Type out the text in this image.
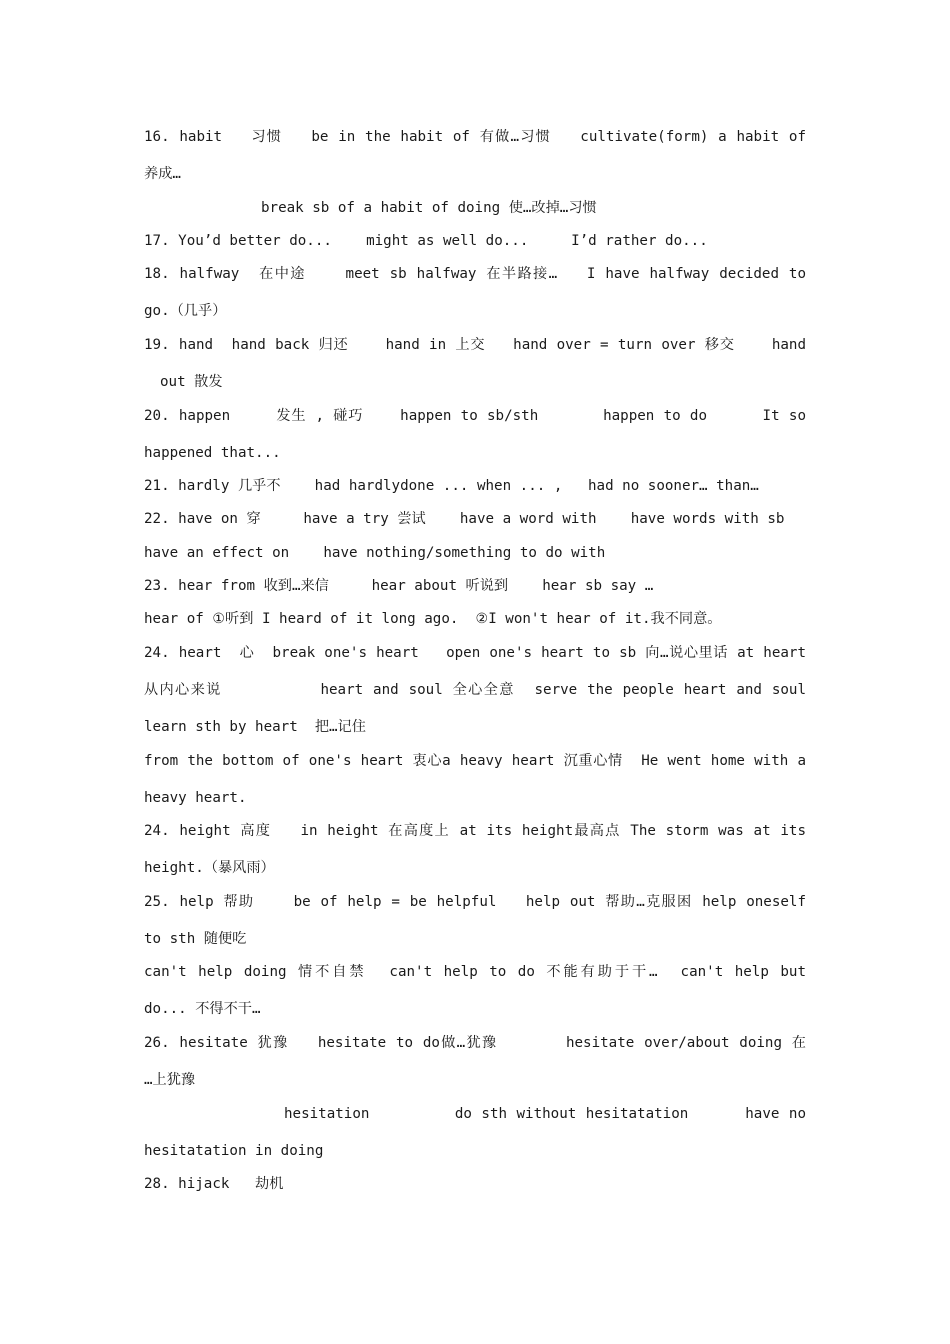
16. habit   习惯   be in the habit of 有做…习惯   cultivate(form) a habit of
养成…
break sb of a habit of doing 使…改掉…习惯
17. You’d better do...    might as well do...     I’d rather do...
18. halfway  在中途    meet sb halfway 在半路接…   I have halfway decided to
go.（几乎）
19. hand  hand back 归还    hand in 上交   hand over = turn over 移交    hand
out 散发
20. happen     发生 , 碰巧    happen to sb/sth       happen to do      It so
happened that...
21. hardly 几乎不    had hardlydone ... when ... ,   had no sooner… than…
22. have on 穿     have a try 尝试    have a word with    have words with sb
have an effect on    have nothing/something to do with
23. hear from 收到…来信     hear about 听说到    hear sb say …
hear of ①听到 I heard of it long ago.  ②I won't hear of it.我不同意。
24. heart  心  break one's heart   open one's heart to sb 向…说心里话 at heart
从内心来说          heart and soul 全心全意  serve the people heart and soul
learn sth by heart  把…记住
from the bottom of one's heart 衷心a heavy heart 沉重心情  He went home with a
heavy heart.
24. height 高度   in height 在高度上 at its height最高点 The storm was at its
height.（暴风雨）
25. help 帮助    be of help = be helpful   help out 帮助…克服困 help oneself
to sth 随便吃
can't help doing 情不自禁  can't help to do 不能有助于干…  can't help but
do... 不得不干…
26. hesitate 犹豫   hesitate to do做…犹豫       hesitate over/about doing 在
…上犹豫
hesitation         do sth without hesitatation      have no
hesitatation in doing
28. hijack   劫机
